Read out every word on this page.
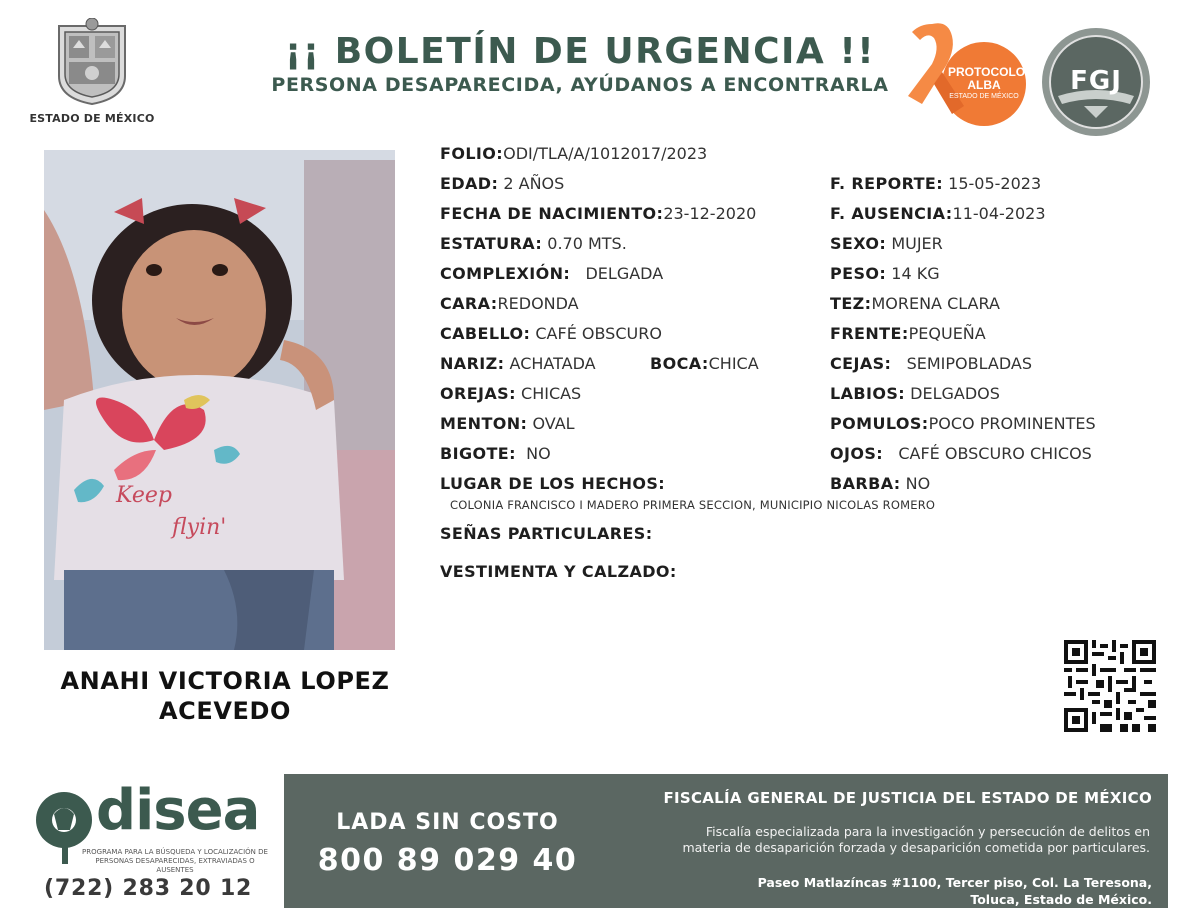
ESTADO DE MÉXICO
¡¡ BOLETÍN DE URGENCIA !!
PERSONA DESAPARECIDA, AYÚDANOS A ENCONTRARLA
PROTOCOLO
ALBA
ESTADO DE MÉXICO
FGJ
Keep
flyin'
ANAHI VICTORIA LOPEZ
ACEVEDO
FOLIO:ODI/TLA/A/1012017/2023
EDAD: 2 AÑOS	F. REPORTE: 15-05-2023
FECHA DE NACIMIENTO:23-12-2020	F. AUSENCIA:11-04-2023
ESTATURA: 0.70 MTS.	SEXO: MUJER
COMPLEXIÓN: DELGADA	PESO: 14 KG
CARA:REDONDA	TEZ:MORENA CLARA
CABELLO: CAFÉ OBSCURO	FRENTE:PEQUEÑA
NARIZ: ACHATADA	BOCA:CHICA	CEJAS: SEMIPOBLADAS
OREJAS: CHICAS	LABIOS: DELGADOS
MENTON: OVAL	POMULOS:POCO PROMINENTES
BIGOTE: NO	OJOS: CAFÉ OBSCURO CHICOS
LUGAR DE LOS HECHOS:	BARBA: NO
COLONIA FRANCISCO I MADERO PRIMERA SECCION, MUNICIPIO NICOLAS ROMERO
SEÑAS PARTICULARES:
VESTIMENTA Y CALZADO:
disea
PROGRAMA PARA LA BÚSQUEDA Y LOCALIZACIÓN DE PERSONAS DESAPARECIDAS, EXTRAVIADAS O AUSENTES
(722) 283 20 12
LADA SIN COSTO
800 89 029 40
FISCALÍA GENERAL DE JUSTICIA DEL ESTADO DE MÉXICO
Fiscalía especializada para la investigación y persecución de delitos en
materia de desaparición forzada y desaparición cometida por particulares.
Paseo Matlazíncas #1100, Tercer piso, Col. La Teresona,
Toluca, Estado de México.
